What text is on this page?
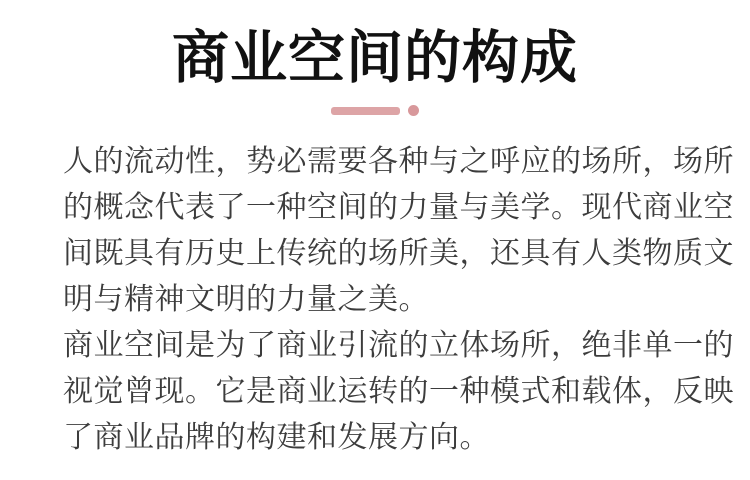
商业空间的构成
人的流动性，势必需要各种与之呼应的场所，场所
的概念代表了一种空间的力量与美学。现代商业空
间既具有历史上传统的场所美，还具有人类物质文
明与精神文明的力量之美。
商业空间是为了商业引流的立体场所，绝非单一的
视觉曾现。它是商业运转的一种模式和载体，反映
了商业品牌的构建和发展方向。
